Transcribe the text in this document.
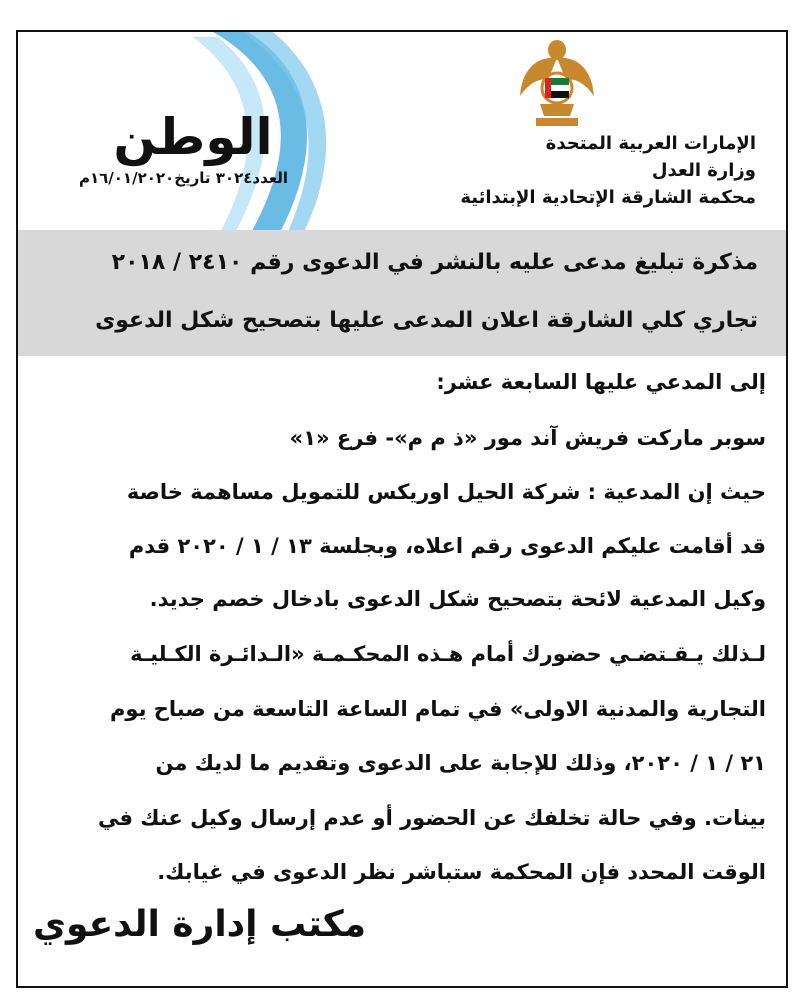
الوطن
العدد٣٠٢٤ تاريخ١٦/٠١/٢٠٢٠م
الإمارات العربية المتحدة
وزارة العدل
محكمة الشارقة الإتحادية الإبتدائية
مذكرة تبليغ مدعى عليه بالنشر في الدعوى رقم ٢٤١٠ / ٢٠١٨
تجاري كلي الشارقة اعلان المدعى عليها بتصحيح شكل الدعوى
إلى المدعي عليها السابعة عشر:
سوبر ماركت فريش آند مور «ذ م م»- فرع «١»
حيث إن المدعية : شركة الحيل اوريكس للتمويل مساهمة خاصة
قد أقامت عليكم الدعوى رقم اعلاه، وبجلسة ١٣ / ١ / ٢٠٢٠ قدم
وكيل المدعية لائحة بتصحيح شكل الدعوى بادخال خصم جديد.
لـذلك يـقـتضـي حضورك أمام هـذه المحكـمـة «الـدائـرة الكـليـة
التجارية والمدنية الاولى» في تمام الساعة التاسعة من صباح يوم
٢١ / ١ / ٢٠٢٠، وذلك للإجابة على الدعوى وتقديم ما لديك من
بينات. وفي حالة تخلفك عن الحضور أو عدم إرسال وكيل عنك في
الوقت المحدد فإن المحكمة ستباشر نظر الدعوى في غيابك.
مكتب إدارة الدعوي
